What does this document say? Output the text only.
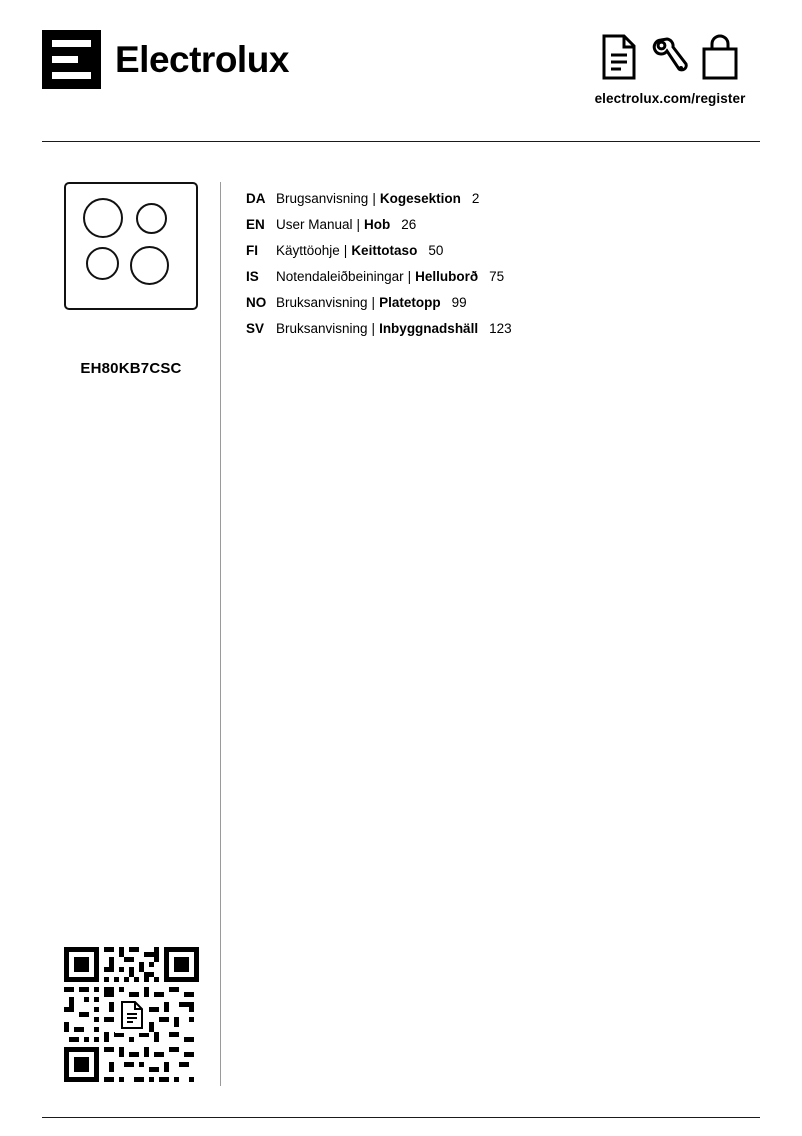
Electrolux
electrolux.com/register
EH80KB7CSC
DA Brugsanvisning | Kogesektion 2
EN User Manual | Hob 26
FI	Käyttöohje | Keittotaso 50
IS	Notendaleiðbeiningar | Helluborð 75
NO Bruksanvisning | Platetopp 99
SV Bruksanvisning | Inbyggnadshäll 123
